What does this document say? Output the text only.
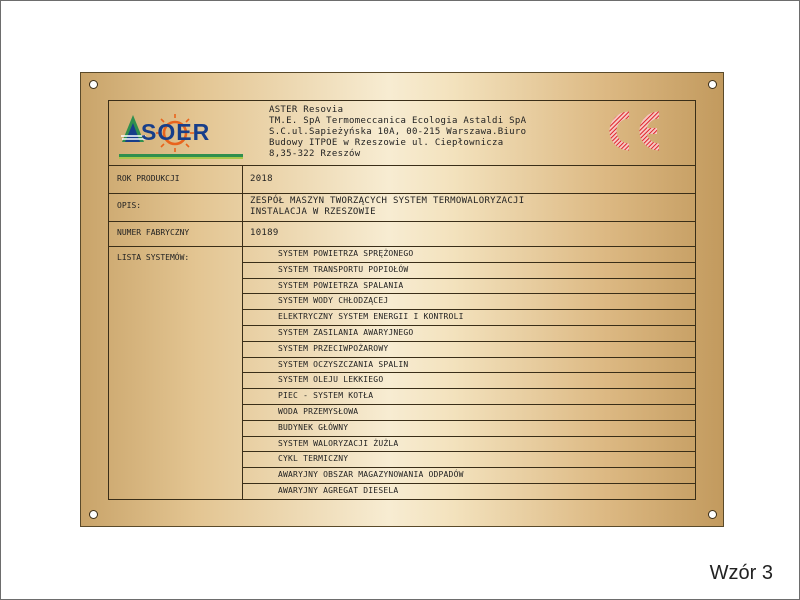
SOER
ASTER Resovia
TM.E. SpA Termomeccanica Ecologia Astaldi SpA
S.C.ul.Sapieżyńska 10A, 00-215 Warszawa.Biuro
Budowy ITPOE w Rzeszowie ul. Ciepłownicza
8,35-322 Rzeszów
ROK PRODUKCJI	2018
OPIS:	ZESPÓŁ MASZYN TWORZĄCYCH SYSTEM TERMOWALORYZACJI
INSTALACJA W RZESZOWIE
NUMER FABRYCZNY	10189
LISTA SYSTEMÓW:	SYSTEM POWIETRZA SPRĘŻONEGO
SYSTEM TRANSPORTU POPIOŁÓW
SYSTEM POWIETRZA SPALANIA
SYSTEM WODY CHŁODZĄCEJ
ELEKTRYCZNY SYSTEM ENERGII I KONTROLI
SYSTEM ZASILANIA AWARYJNEGO
SYSTEM PRZECIWPOŻAROWY
SYSTEM OCZYSZCZANIA SPALIN
SYSTEM OLEJU LEKKIEGO
PIEC - SYSTEM KOTŁA
WODA PRZEMYSŁOWA
BUDYNEK GŁÓWNY
SYSTEM WALORYZACJI ŻUŻLA
CYKL TERMICZNY
AWARYJNY OBSZAR MAGAZYNOWANIA ODPADÓW
AWARYJNY AGREGAT DIESELA
Wzór 3
